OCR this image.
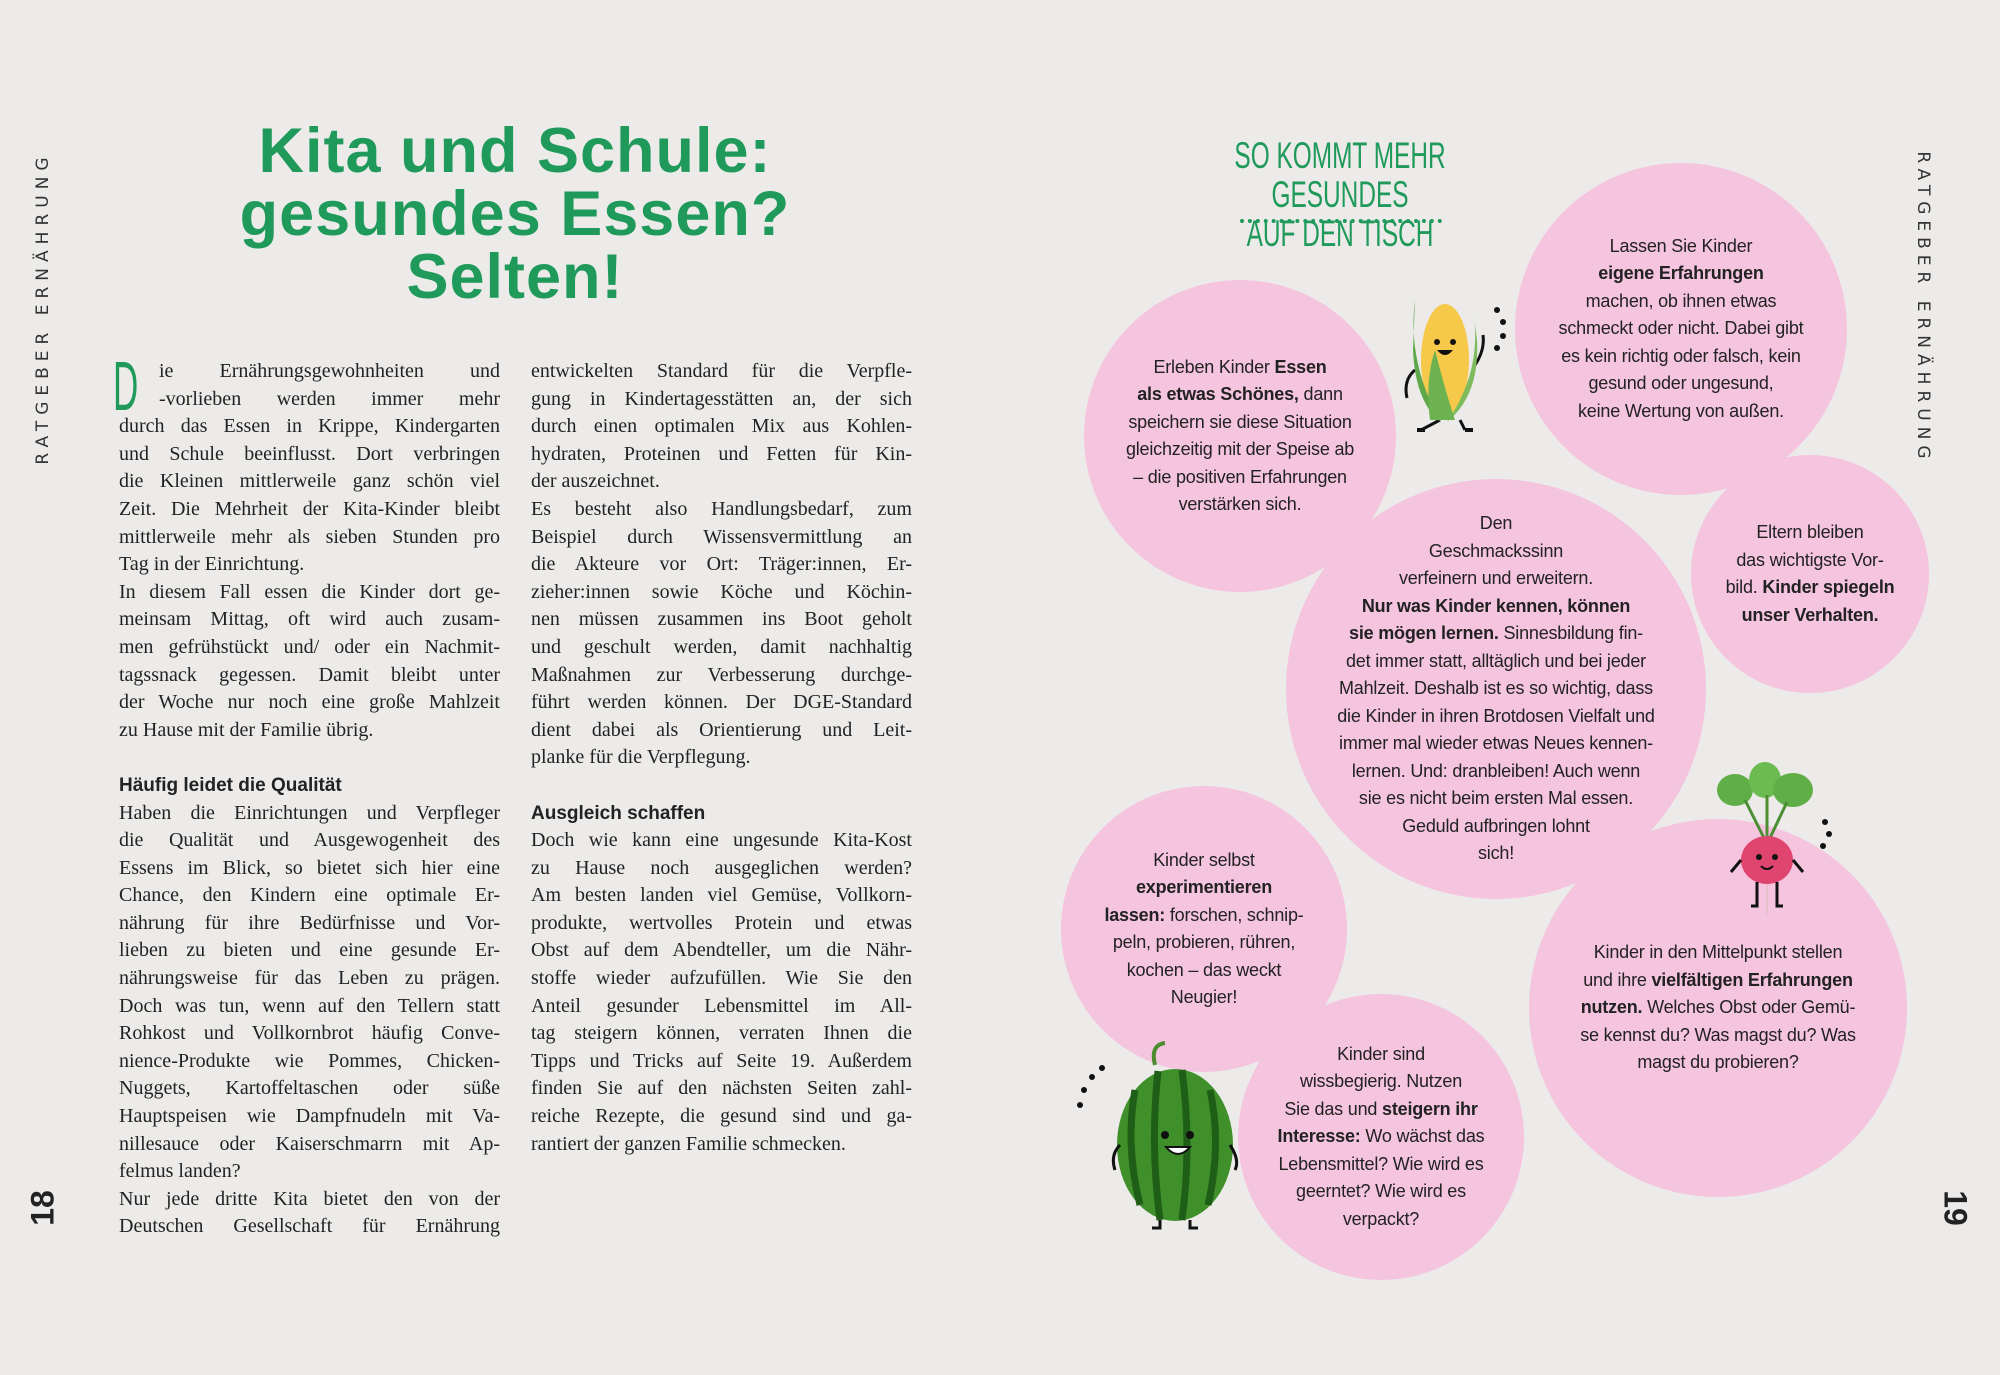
RATGEBER ERNÄHRUNG
18
RATGEBER ERNÄHRUNG
19
Kita und Schule:
gesundes Essen?
Selten!
D	ie Ernährungsgewohnheiten und
-vorlieben werden immer mehr
durch das Essen in Krippe, Kindergarten
und Schule beeinflusst. Dort verbringen
die Kleinen mittlerweile ganz schön viel
Zeit. Die Mehrheit der Kita-Kinder bleibt
mittlerweile mehr als sieben Stunden pro
Tag in der Einrichtung.
In diesem Fall essen die Kinder dort ge-
meinsam Mittag, oft wird auch zusam-
men gefrühstückt und/ oder ein Nachmit-
tagssnack gegessen. Damit bleibt unter
der Woche nur noch eine große Mahlzeit
zu Hause mit der Familie übrig.
Häufig leidet die Qualität
Haben die Einrichtungen und Verpfleger
die Qualität und Ausgewogenheit des
Essens im Blick, so bietet sich hier eine
Chance, den Kindern eine optimale Er-
nährung für ihre Bedürfnisse und Vor-
lieben zu bieten und eine gesunde Er-
nährungsweise für das Leben zu prägen.
Doch was tun, wenn auf den Tellern statt
Rohkost und Vollkornbrot häufig Conve-
nience-Produkte wie Pommes, Chicken-
Nuggets, Kartoffeltaschen oder süße
Hauptspeisen wie Dampfnudeln mit Va-
nillesauce oder Kaiserschmarrn mit Ap-
felmus landen?
Nur jede dritte Kita bietet den von der
Deutschen Gesellschaft für Ernährung
entwickelten Standard für die Verpfle-
gung in Kindertagesstätten an, der sich
durch einen optimalen Mix aus Kohlen-
hydraten, Proteinen und Fetten für Kin-
der auszeichnet.
Es besteht also Handlungsbedarf, zum
Beispiel durch Wissensvermittlung an
die Akteure vor Ort: Träger:innen, Er-
zieher:innen sowie Köche und Köchin-
nen müssen zusammen ins Boot geholt
und geschult werden, damit nachhaltig
Maßnahmen zur Verbesserung durchge-
führt werden können. Der DGE-Standard
dient dabei als Orientierung und Leit-
planke für die Verpflegung.
Ausgleich schaffen
Doch wie kann eine ungesunde Kita-Kost
zu Hause noch ausgeglichen werden?
Am besten landen viel Gemüse, Vollkorn-
produkte, wertvolles Protein und etwas
Obst auf dem Abendteller, um die Nähr-
stoffe wieder aufzufüllen. Wie Sie den
Anteil gesunder Lebensmittel im All-
tag steigern können, verraten Ihnen die
Tipps und Tricks auf Seite 19. Außerdem
finden Sie auf den nächsten Seiten zahl-
reiche Rezepte, die gesund sind und ga-
rantiert der ganzen Familie schmecken.
SO KOMMT MEHR GESUNDES
AUF DEN TISCH
Erleben Kinder Essen
als etwas Schönes, dann
speichern sie diese Situation
gleichzeitig mit der Speise ab
– die positiven Erfahrungen
verstärken sich.
Lassen Sie Kinder
eigene Erfahrungen
machen, ob ihnen etwas
schmeckt oder nicht. Dabei gibt
es kein richtig oder falsch, kein
gesund oder ungesund,
keine Wertung von außen.
Den
Geschmackssinn
verfeinern und erweitern.
Nur was Kinder kennen, können
sie mögen lernen. Sinnesbildung fin-
det immer statt, alltäglich und bei jeder
Mahlzeit. Deshalb ist es so wichtig, dass
die Kinder in ihren Brotdosen Vielfalt und
immer mal wieder etwas Neues kennen-
lernen. Und: dranbleiben! Auch wenn
sie es nicht beim ersten Mal essen.
Geduld aufbringen lohnt
sich!
Eltern bleiben
das wichtigste Vor-
bild. Kinder spiegeln
unser Verhalten.
Kinder selbst
experimentieren
lassen: forschen, schnip-
peln, probieren, rühren,
kochen – das weckt
Neugier!
Kinder sind
wissbegierig. Nutzen
Sie das und steigern ihr
Interesse: Wo wächst das
Lebensmittel? Wie wird es
geerntet? Wie wird es
verpackt?
Kinder in den Mittelpunkt stellen
und ihre vielfältigen Erfahrungen
nutzen. Welches Obst oder Gemü-
se kennst du? Was magst du? Was
magst du probieren?
